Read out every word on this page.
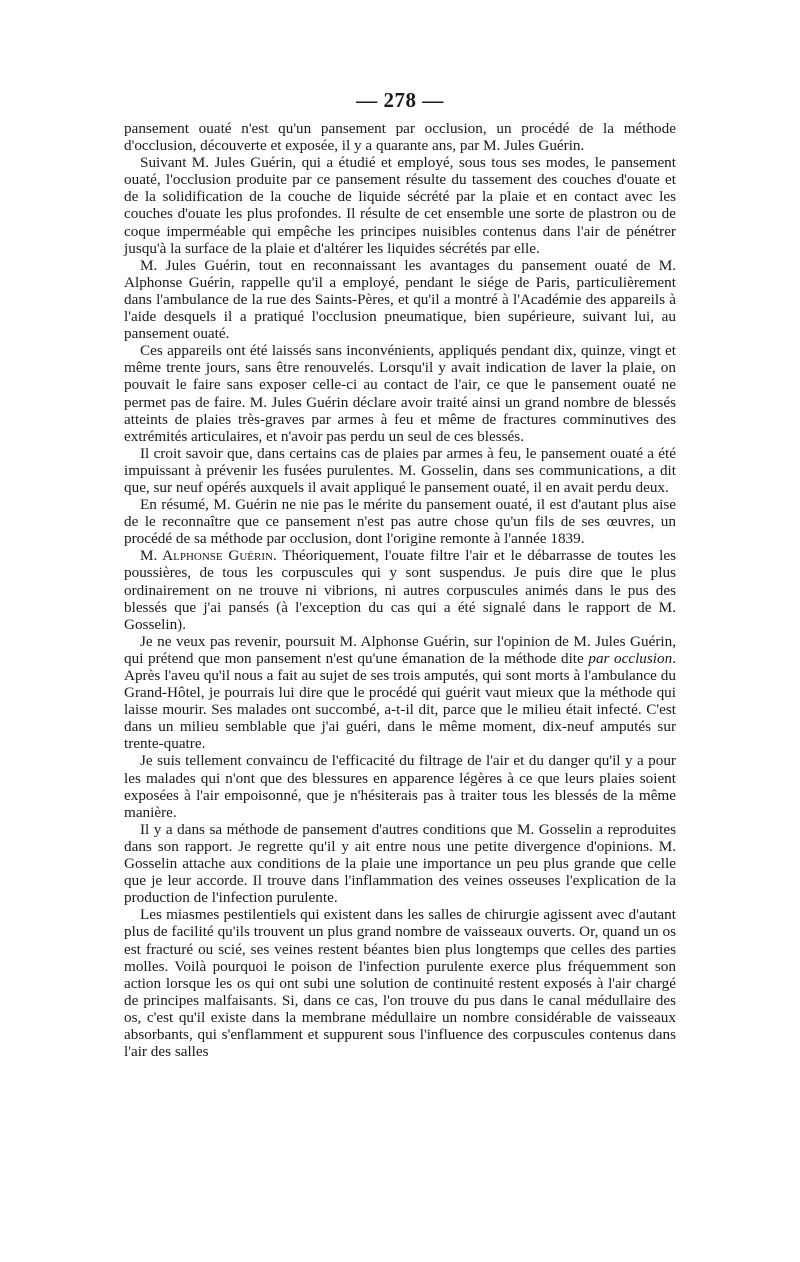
— 278 —

pansement ouaté n'est qu'un pansement par occlusion, un procédé de la méthode d'occlusion, découverte et exposée, il y a quarante ans, par M. Jules Guérin.

Suivant M. Jules Guérin, qui a étudié et employé, sous tous ses modes, le pansement ouaté, l'occlusion produite par ce pansement résulte du tassement des couches d'ouate et de la solidification de la couche de liquide sécrété par la plaie et en contact avec les couches d'ouate les plus profondes. Il résulte de cet ensemble une sorte de plastron ou de coque imperméable qui empêche les principes nuisibles contenus dans l'air de pénétrer jusqu'à la surface de la plaie et d'altérer les liquides sécrétés par elle.

M. Jules Guérin, tout en reconnaissant les avantages du pansement ouaté de M. Alphonse Guérin, rappelle qu'il a employé, pendant le siége de Paris, particulièrement dans l'ambulance de la rue des Saints-Pères, et qu'il a montré à l'Académie des appareils à l'aide desquels il a pratiqué l'occlusion pneumatique, bien supérieure, suivant lui, au pansement ouaté.

Ces appareils ont été laissés sans inconvénients, appliqués pendant dix, quinze, vingt et même trente jours, sans être renouvelés. Lorsqu'il y avait indication de laver la plaie, on pouvait le faire sans exposer celle-ci au contact de l'air, ce que le pansement ouaté ne permet pas de faire. M. Jules Guérin déclare avoir traité ainsi un grand nombre de blessés atteints de plaies très-graves par armes à feu et même de fractures comminutives des extrémités articulaires, et n'avoir pas perdu un seul de ces blessés.

Il croit savoir que, dans certains cas de plaies par armes à feu, le pansement ouaté a été impuissant à prévenir les fusées purulentes. M. Gosselin, dans ses communications, a dit que, sur neuf opérés auxquels il avait appliqué le pansement ouaté, il en avait perdu deux.

En résumé, M. Guérin ne nie pas le mérite du pansement ouaté, il est d'autant plus aise de le reconnaître que ce pansement n'est pas autre chose qu'un fils de ses œuvres, un procédé de sa méthode par occlusion, dont l'origine remonte à l'année 1839.

M. Alphonse Guérin. Théoriquement, l'ouate filtre l'air et le débarrasse de toutes les poussières, de tous les corpuscules qui y sont suspendus. Je puis dire que le plus ordinairement on ne trouve ni vibrions, ni autres corpuscules animés dans le pus des blessés que j'ai pansés (à l'exception du cas qui a été signalé dans le rapport de M. Gosselin).

Je ne veux pas revenir, poursuit M. Alphonse Guérin, sur l'opinion de M. Jules Guérin, qui prétend que mon pansement n'est qu'une émanation de la méthode dite par occlusion. Après l'aveu qu'il nous a fait au sujet de ses trois amputés, qui sont morts à l'ambulance du Grand-Hôtel, je pourrais lui dire que le procédé qui guérit vaut mieux que la méthode qui laisse mourir. Ses malades ont succombé, a-t-il dit, parce que le milieu était infecté. C'est dans un milieu semblable que j'ai guéri, dans le même moment, dix-neuf amputés sur trente-quatre.

Je suis tellement convaincu de l'efficacité du filtrage de l'air et du danger qu'il y a pour les malades qui n'ont que des blessures en apparence légères à ce que leurs plaies soient exposées à l'air empoisonné, que je n'hésiterais pas à traiter tous les blessés de la même manière.

Il y a dans sa méthode de pansement d'autres conditions que M. Gosselin a reproduites dans son rapport. Je regrette qu'il y ait entre nous une petite divergence d'opinions. M. Gosselin attache aux conditions de la plaie une importance un peu plus grande que celle que je leur accorde. Il trouve dans l'inflammation des veines osseuses l'explication de la production de l'infection purulente.

Les miasmes pestilentiels qui existent dans les salles de chirurgie agissent avec d'autant plus de facilité qu'ils trouvent un plus grand nombre de vaisseaux ouverts. Or, quand un os est fracturé ou scié, ses veines restent béantes bien plus longtemps que celles des parties molles. Voilà pourquoi le poison de l'infection purulente exerce plus fréquemment son action lorsque les os qui ont subi une solution de continuité restent exposés à l'air chargé de principes malfaisants. Si, dans ce cas, l'on trouve du pus dans le canal médullaire des os, c'est qu'il existe dans la membrane médullaire un nombre considérable de vaisseaux absorbants, qui s'enflamment et suppurent sous l'influence des corpuscules contenus dans l'air des salles
